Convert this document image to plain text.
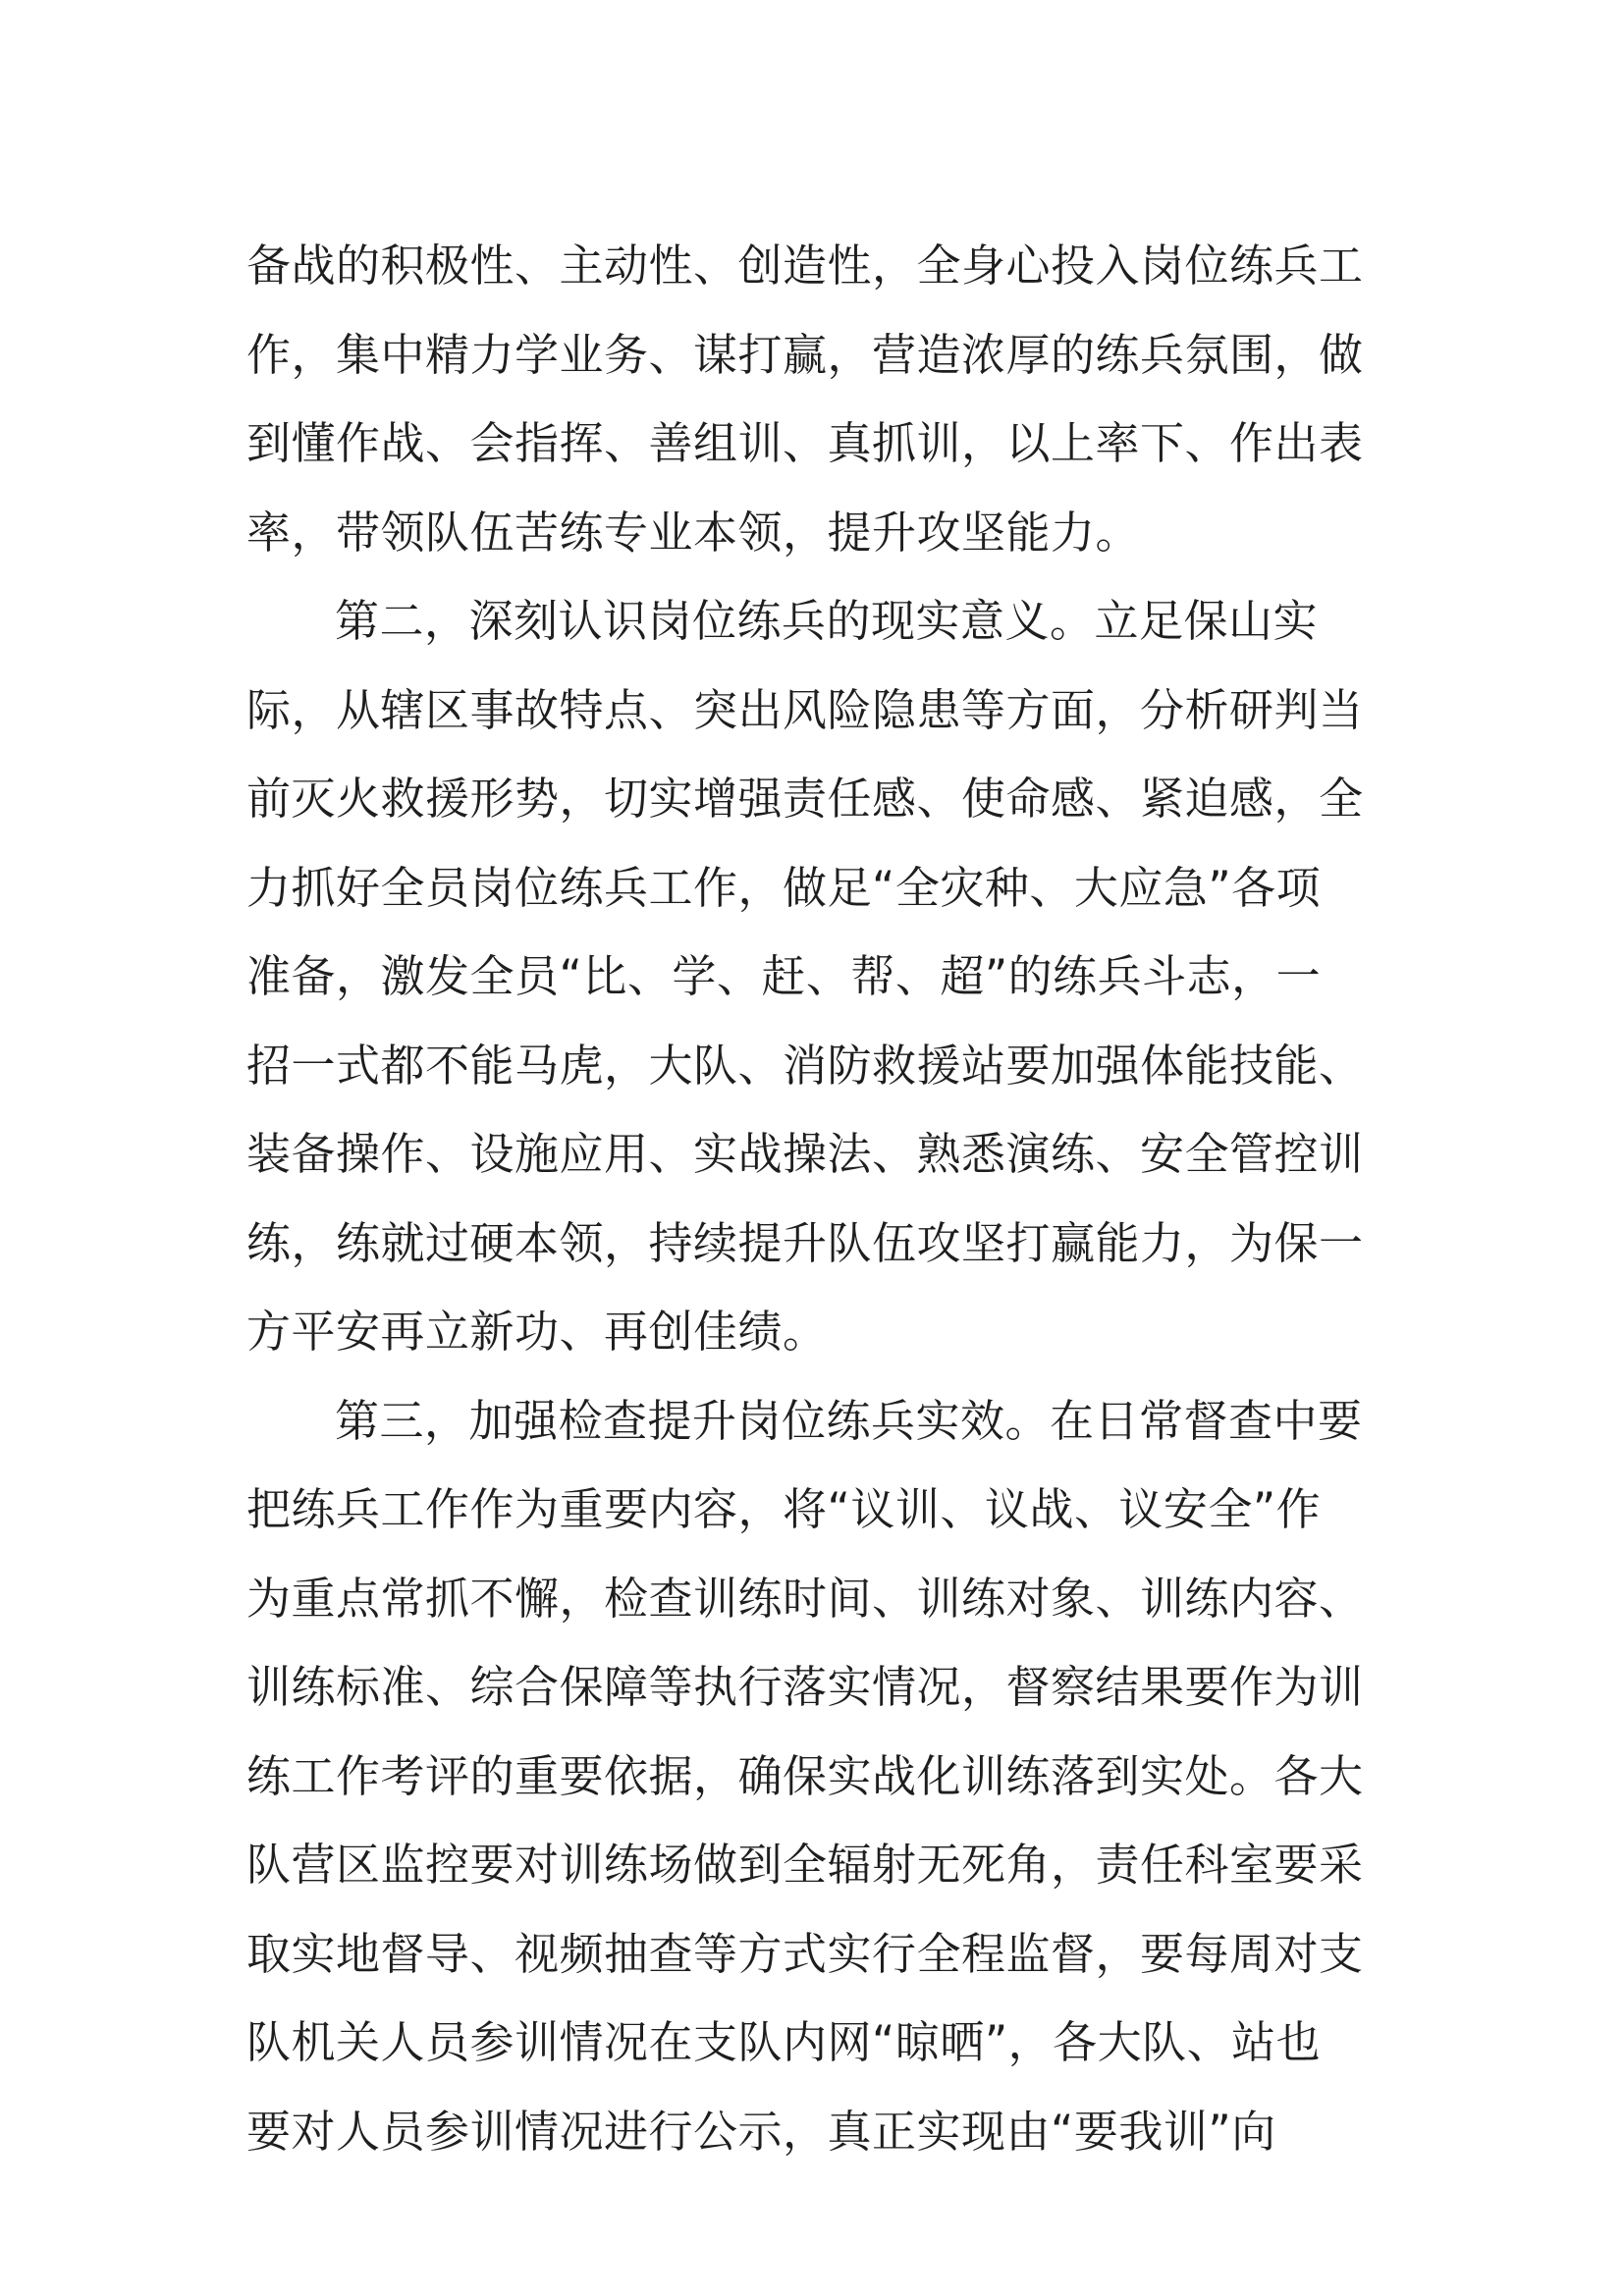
备战的积极性、主动性、创造性，全身心投入岗位练兵工
作，集中精力学业务、谋打赢，营造浓厚的练兵氛围，做
到懂作战、会指挥、善组训、真抓训，以上率下、作出表
率，带领队伍苦练专业本领，提升攻坚能力。
第二，深刻认识岗位练兵的现实意义。立足保山实
际，从辖区事故特点、突出风险隐患等方面，分析研判当
前灭火救援形势，切实增强责任感、使命感、紧迫感，全
力抓好全员岗位练兵工作，做足“全灾种、大应急”各项
准备，激发全员“比、学、赶、帮、超”的练兵斗志，一
招一式都不能马虎，大队、消防救援站要加强体能技能、
装备操作、设施应用、实战操法、熟悉演练、安全管控训
练，练就过硬本领，持续提升队伍攻坚打赢能力，为保一
方平安再立新功、再创佳绩。
第三，加强检查提升岗位练兵实效。在日常督查中要
把练兵工作作为重要内容，将“议训、议战、议安全”作
为重点常抓不懈，检查训练时间、训练对象、训练内容、
训练标准、综合保障等执行落实情况，督察结果要作为训
练工作考评的重要依据，确保实战化训练落到实处。各大
队营区监控要对训练场做到全辐射无死角，责任科室要采
取实地督导、视频抽查等方式实行全程监督，要每周对支
队机关人员参训情况在支队内网“晾晒”，各大队、站也
要对人员参训情况进行公示，真正实现由“要我训”向
